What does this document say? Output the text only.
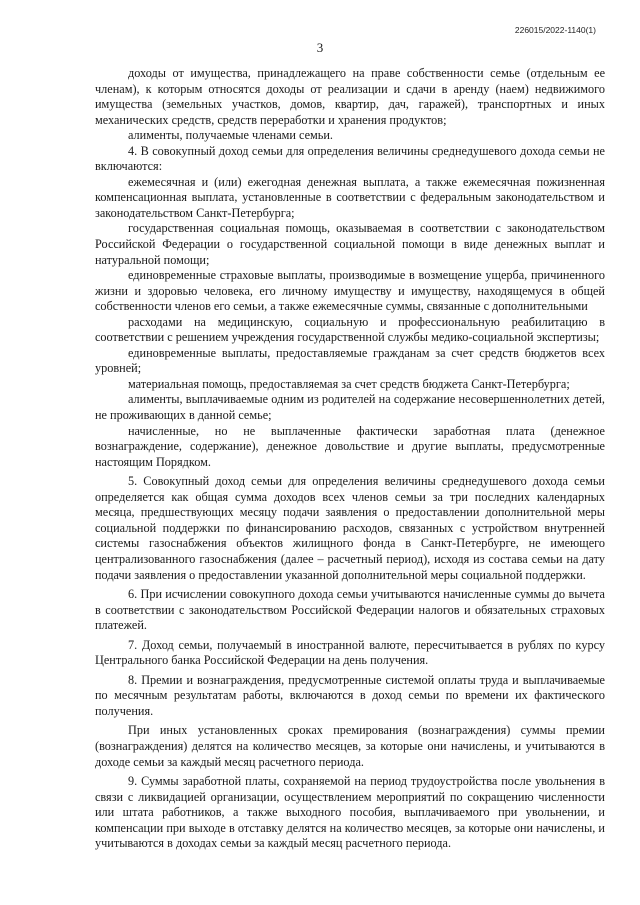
226015/2022-1140(1)
3

доходы от имущества, принадлежащего на праве собственности семье (отдельным ее членам), к которым относятся доходы от реализации и сдачи в аренду (наем) недвижимого имущества (земельных участков, домов, квартир, дач, гаражей), транспортных и иных механических средств, средств переработки и хранения продуктов;

алименты, получаемые членами семьи.

4. В совокупный доход семьи для определения величины среднедушевого дохода семьи не включаются:

ежемесячная и (или) ежегодная денежная выплата, а также ежемесячная пожизненная компенсационная выплата, установленные в соответствии с федеральным законодательством и законодательством Санкт-Петербурга;

государственная социальная помощь, оказываемая в соответствии с законодательством Российской Федерации о государственной социальной помощи в виде денежных выплат и натуральной помощи;

единовременные страховые выплаты, производимые в возмещение ущерба, причиненного жизни и здоровью человека, его личному имуществу и имуществу, находящемуся в общей собственности членов его семьи, а также ежемесячные суммы, связанные с дополнительными

расходами на медицинскую, социальную и профессиональную реабилитацию в соответствии с решением учреждения государственной службы медико-социальной экспертизы;

единовременные выплаты, предоставляемые гражданам за счет средств бюджетов всех уровней;

материальная помощь, предоставляемая за счет средств бюджета Санкт-Петербурга;

алименты, выплачиваемые одним из родителей на содержание несовершеннолетних детей, не проживающих в данной семье;

начисленные, но не выплаченные фактически заработная плата (денежное вознаграждение, содержание), денежное довольствие и другие выплаты, предусмотренные настоящим Порядком.

5. Совокупный доход семьи для определения величины среднедушевого дохода семьи определяется как общая сумма доходов всех членов семьи за три последних календарных месяца, предшествующих месяцу подачи заявления о предоставлении дополнительной меры социальной поддержки по финансированию расходов, связанных с устройством внутренней системы газоснабжения объектов жилищного фонда в Санкт-Петербурге, не имеющего централизованного газоснабжения (далее – расчетный период), исходя из состава семьи на дату подачи заявления о предоставлении указанной дополнительной меры социальной поддержки.

6. При исчислении совокупного дохода семьи учитываются начисленные суммы до вычета в соответствии с законодательством Российской Федерации налогов и обязательных страховых платежей.

7. Доход семьи, получаемый в иностранной валюте, пересчитывается в рублях по курсу Центрального банка Российской Федерации на день получения.

8. Премии и вознаграждения, предусмотренные системой оплаты труда и выплачиваемые по месячным результатам работы, включаются в доход семьи по времени их фактического получения.

При иных установленных сроках премирования (вознаграждения) суммы премии (вознаграждения) делятся на количество месяцев, за которые они начислены, и учитываются в доходе семьи за каждый месяц расчетного периода.

9. Суммы заработной платы, сохраняемой на период трудоустройства после увольнения в связи с ликвидацией организации, осуществлением мероприятий по сокращению численности или штата работников, а также выходного пособия, выплачиваемого при увольнении, и компенсации при выходе в отставку делятся на количество месяцев, за которые они начислены, и учитываются в доходах семьи за каждый месяц расчетного периода.
